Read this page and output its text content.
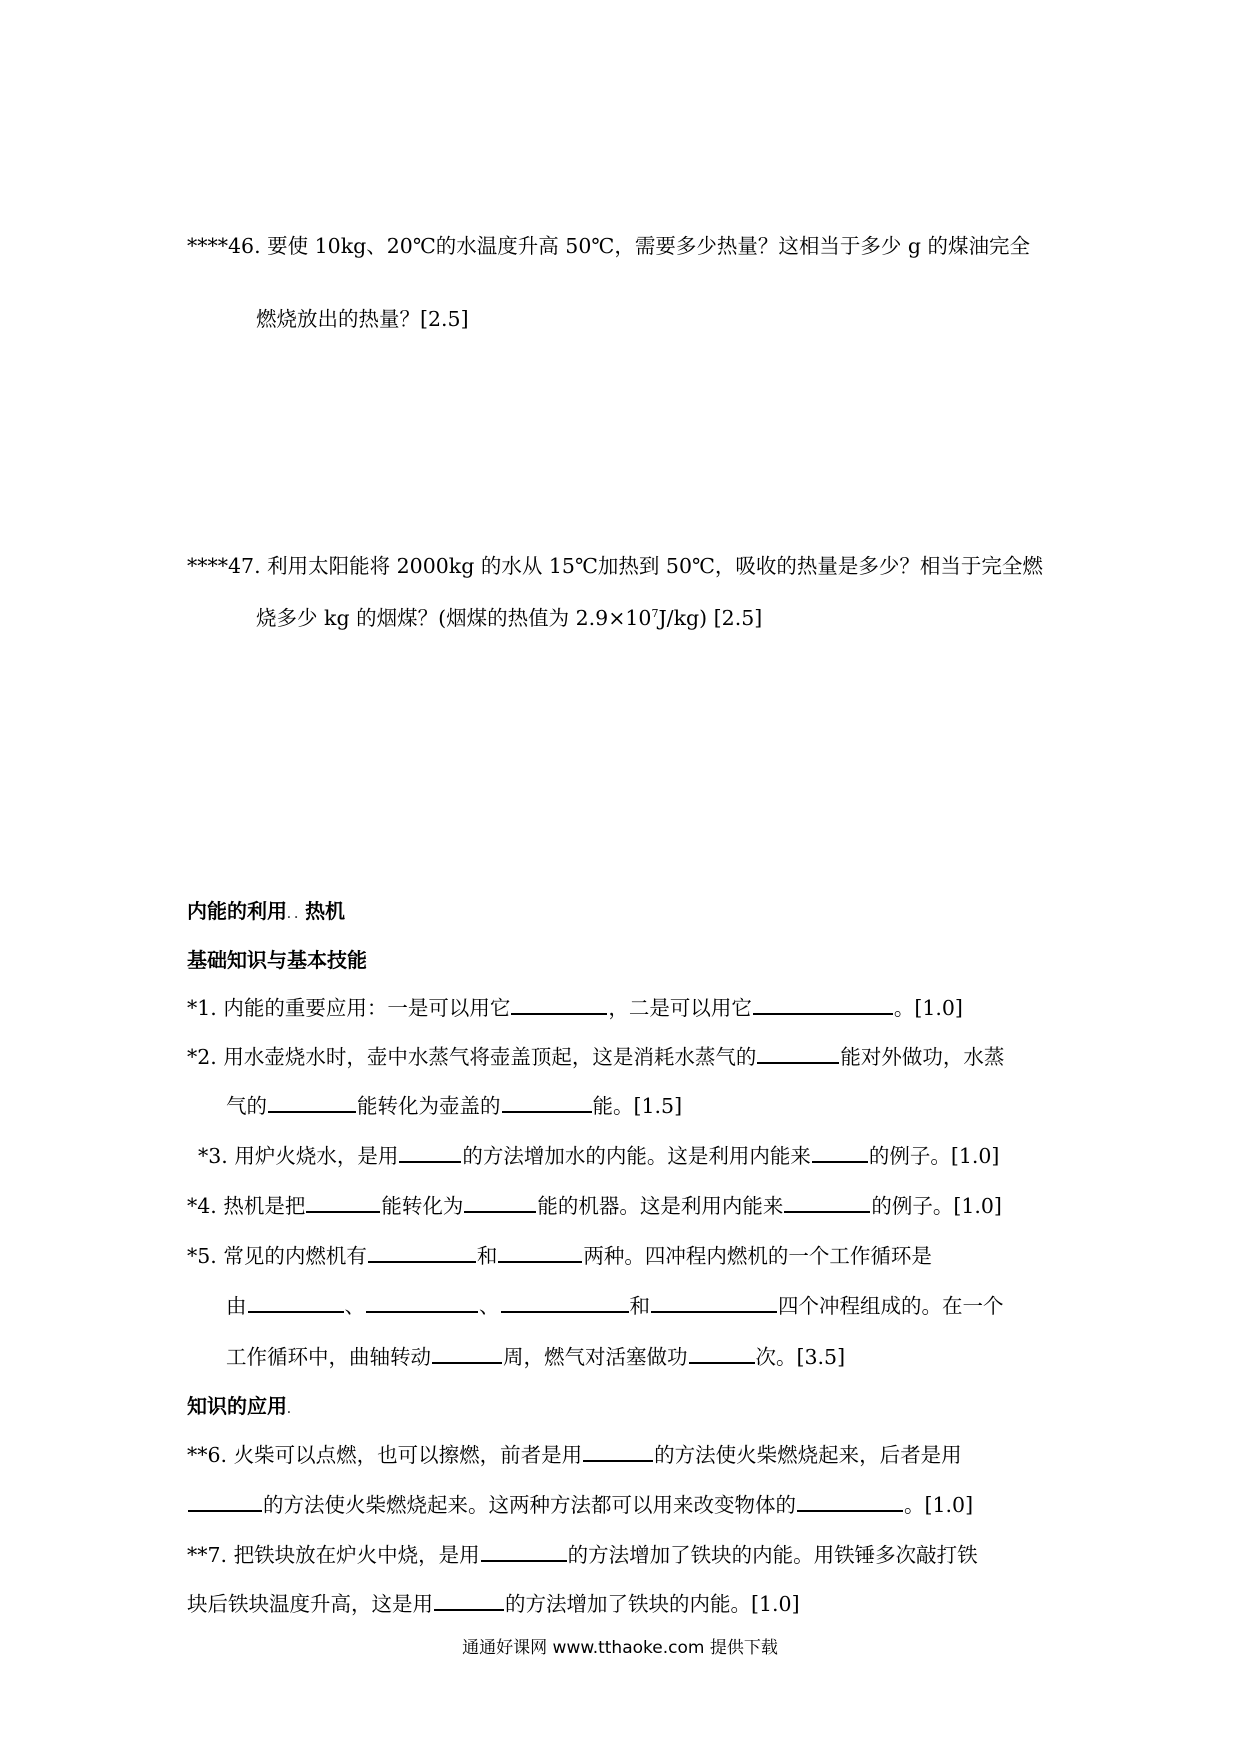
****46. 要使 10kg、20℃的水温度升高 50℃，需要多少热量？这相当于多少 g 的煤油完全
燃烧放出的热量？[2.5]
****47. 利用太阳能将 2000kg 的水从 15℃加热到 50℃，吸收的热量是多少？相当于完全燃
烧多少 kg 的烟煤？(烟煤的热值为 $2.9\times 10^7J/kg$) [2.5]
内能的利用. . 热机
基础知识与基本技能
*1. 内能的重要应用：一是可以用它	，二是可以用它	。[1.0]
*2. 用水壶烧水时，壶中水蒸气将壶盖顶起，这是消耗水蒸气的	能对外做功，水蒸
气的	能转化为壶盖的	能。[1.5]
*3. 用炉火烧水，是用	的方法增加水的内能。这是利用内能来	的例子。[1.0]
*4. 热机是把	能转化为	能的机器。这是利用内能来	的例子。[1.0]
*5. 常见的内燃机有	和	两种。四冲程内燃机的一个工作循环是
由	、	、	和	四个冲程组成的。在一个
工作循环中，曲轴转动	周，燃气对活塞做功	次。[3.5]
知识的应用.
**6. 火柴可以点燃，也可以擦燃，前者是用	的方法使火柴燃烧起来，后者是用
的方法使火柴燃烧起来。这两种方法都可以用来改变物体的	。[1.0]
**7. 把铁块放在炉火中烧，是用	的方法增加了铁块的内能。用铁锤多次敲打铁
块后铁块温度升高，这是用	的方法增加了铁块的内能。[1.0]
通通好课网 www.tthaoke.com 提供下载
